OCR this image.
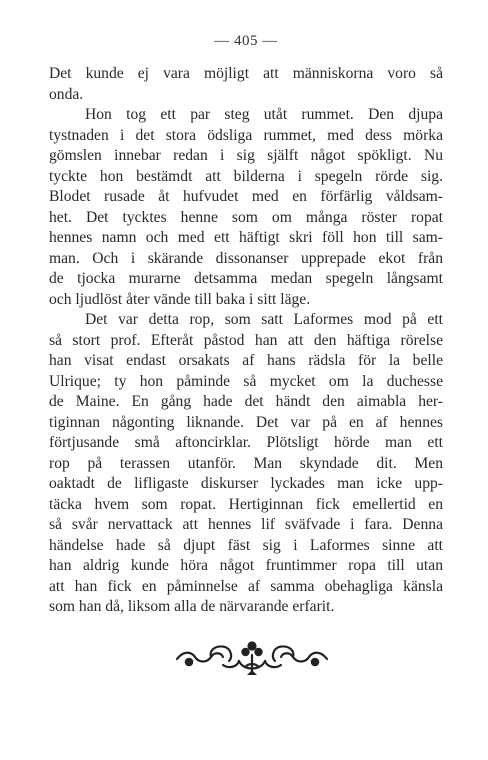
— 405 —
Det kunde ej vara möjligt att människorna voro så
onda.
Hon tog ett par steg utåt rummet. Den djupa
tystnaden i det stora ödsliga rummet, med dess mörka
gömslen innebar redan i sig själft något spökligt. Nu
tyckte hon bestämdt att bilderna i spegeln rörde sig.
Blodet rusade åt hufvudet med en förfärlig våldsam-
het. Det tycktes henne som om många röster ropat
hennes namn och med ett häftigt skri föll hon till sam-
man. Och i skärande dissonanser upprepade ekot från
de tjocka murarne detsamma medan spegeln långsamt
och ljudlöst åter vände till baka i sitt läge.
Det var detta rop, som satt Laformes mod på ett
så stort prof. Efteråt påstod han att den häftiga rörelse
han visat endast orsakats af hans rädsla för la belle
Ulrique; ty hon påminde så mycket om la duchesse
de Maine. En gång hade det händt den aimabla her-
tiginnan någonting liknande. Det var på en af hennes
förtjusande små aftoncirklar. Plötsligt hörde man ett
rop på terassen utanför. Man skyndade dit. Men
oaktadt de lifligaste diskurser lyckades man icke upp-
täcka hvem som ropat. Hertiginnan fick emellertid en
så svår nervattack att hennes lif sväfvade i fara. Denna
händelse hade så djupt fäst sig i Laformes sinne att
han aldrig kunde höra något fruntimmer ropa till utan
att han fick en påminnelse af samma obehagliga känsla
som han då, liksom alla de närvarande erfarit.
